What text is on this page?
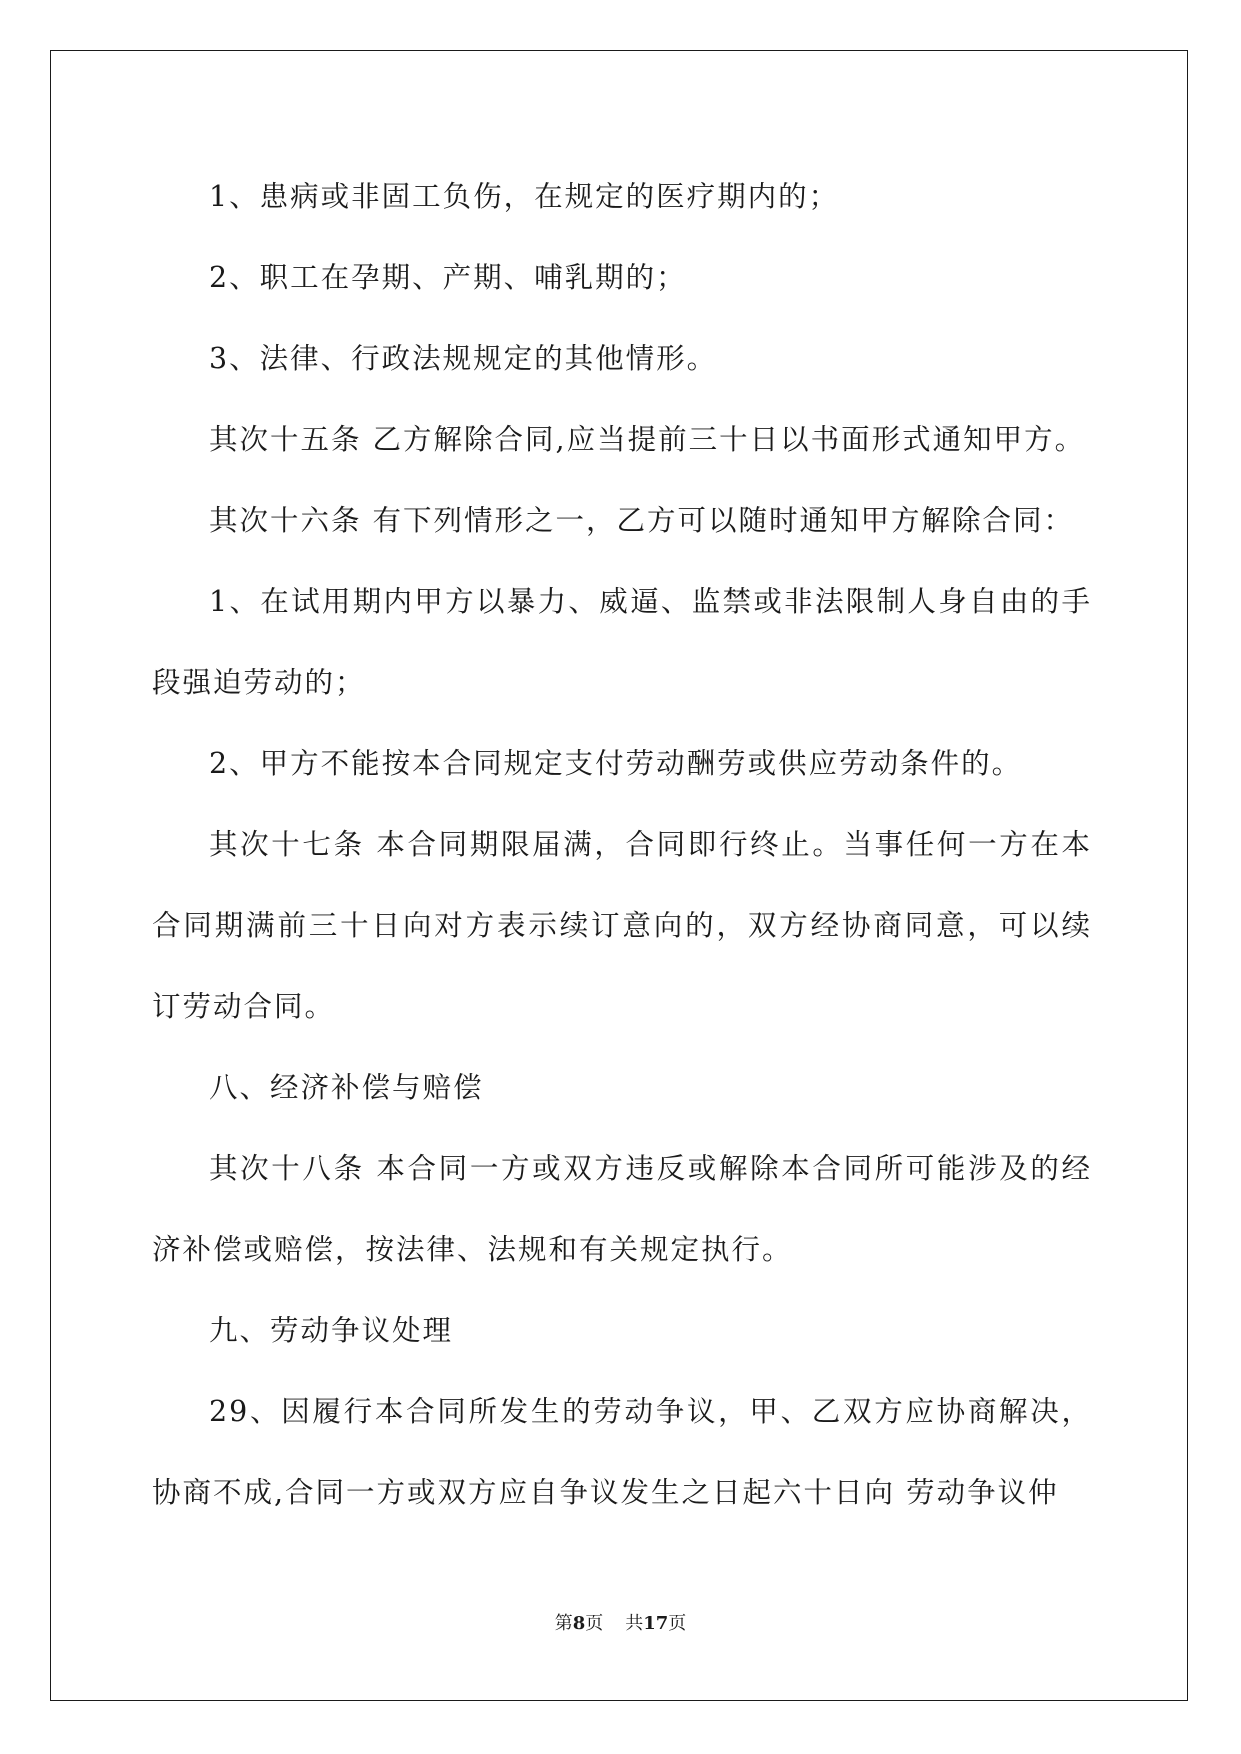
1、患病或非固工负伤，在规定的医疗期内的；

2、职工在孕期、产期、哺乳期的；

3、法律、行政法规规定的其他情形。

其次十五条 乙方解除合同,应当提前三十日以书面形式通知甲方。

其次十六条 有下列情形之一，乙方可以随时通知甲方解除合同：

1、在试用期内甲方以暴力、威逼、监禁或非法限制人身自由的手段强迫劳动的；

2、甲方不能按本合同规定支付劳动酬劳或供应劳动条件的。

其次十七条 本合同期限届满，合同即行终止。当事任何一方在本合同期满前三十日向对方表示续订意向的，双方经协商同意，可以续订劳动合同。

八、经济补偿与赔偿

其次十八条 本合同一方或双方违反或解除本合同所可能涉及的经济补偿或赔偿，按法律、法规和有关规定执行。

九、劳动争议处理

29、因履行本合同所发生的劳动争议，甲、乙双方应协商解决，协商不成,合同一方或双方应自争议发生之日起六十日向 劳动争议仲

第8页 共17页
